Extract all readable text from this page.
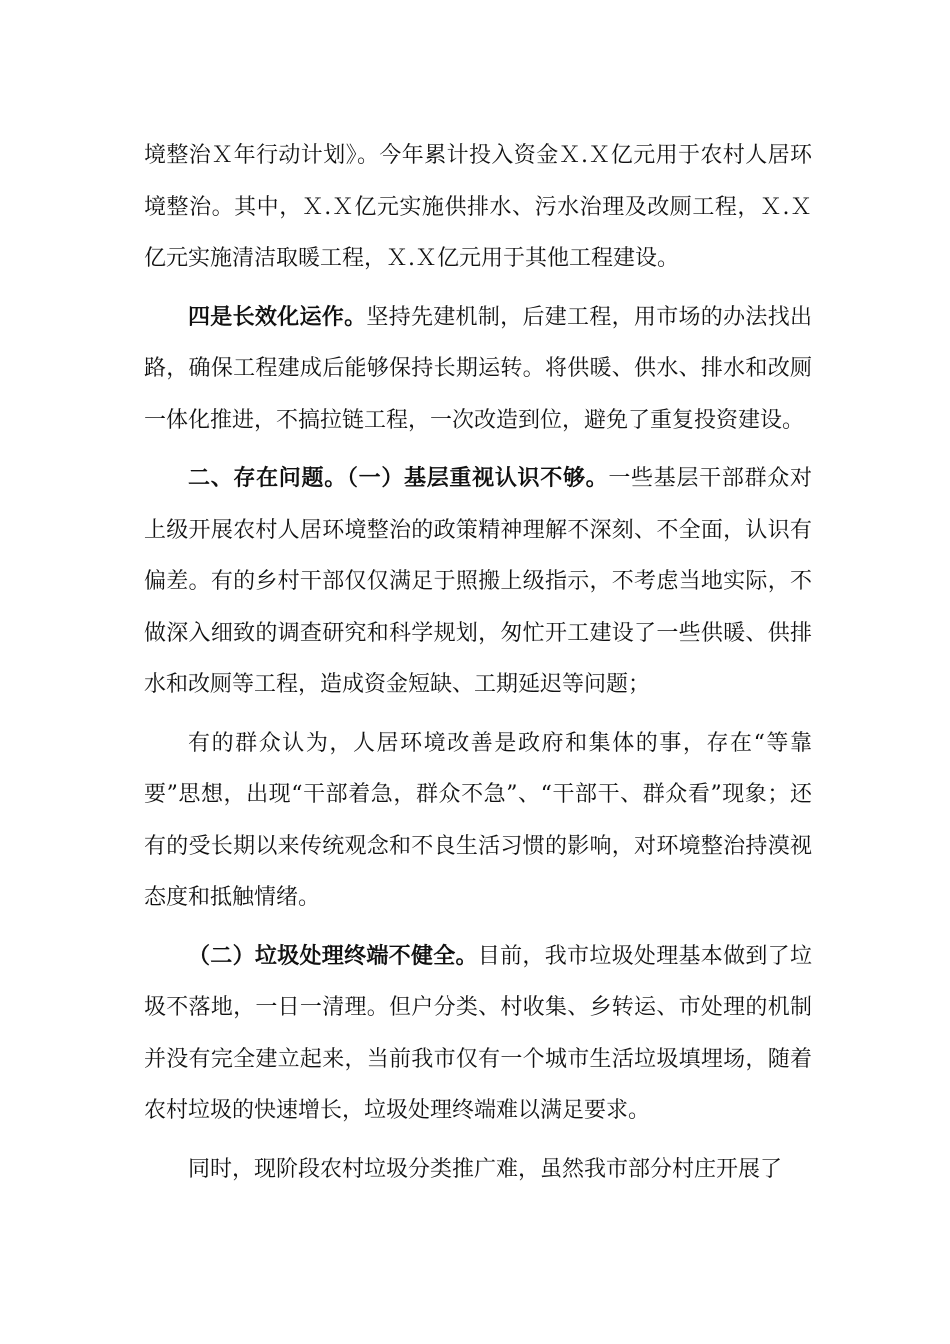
境整治Ｘ年行动计划》。今年累计投入资金Ｘ.Ｘ亿元用于农村人居环境整治。其中，Ｘ.Ｘ亿元实施供排水、污水治理及改厕工程，Ｘ.Ｘ亿元实施清洁取暖工程，Ｘ.Ｘ亿元用于其他工程建设。

四是长效化运作。坚持先建机制，后建工程，用市场的办法找出路，确保工程建成后能够保持长期运转。将供暖、供水、排水和改厕一体化推进，不搞拉链工程，一次改造到位，避免了重复投资建设。

二、存在问题。（一）基层重视认识不够。一些基层干部群众对上级开展农村人居环境整治的政策精神理解不深刻、不全面，认识有偏差。有的乡村干部仅仅满足于照搬上级指示，不考虑当地实际，不做深入细致的调查研究和科学规划，匆忙开工建设了一些供暖、供排水和改厕等工程，造成资金短缺、工期延迟等问题；

有的群众认为，人居环境改善是政府和集体的事，存在“等靠要”思想，出现“干部着急，群众不急”、“干部干、群众看”现象；还有的受长期以来传统观念和不良生活习惯的影响，对环境整治持漠视态度和抵触情绪。

（二）垃圾处理终端不健全。目前，我市垃圾处理基本做到了垃圾不落地，一日一清理。但户分类、村收集、乡转运、市处理的机制并没有完全建立起来，当前我市仅有一个城市生活垃圾填埋场，随着农村垃圾的快速增长，垃圾处理终端难以满足要求。

同时，现阶段农村垃圾分类推广难，虽然我市部分村庄开展了
